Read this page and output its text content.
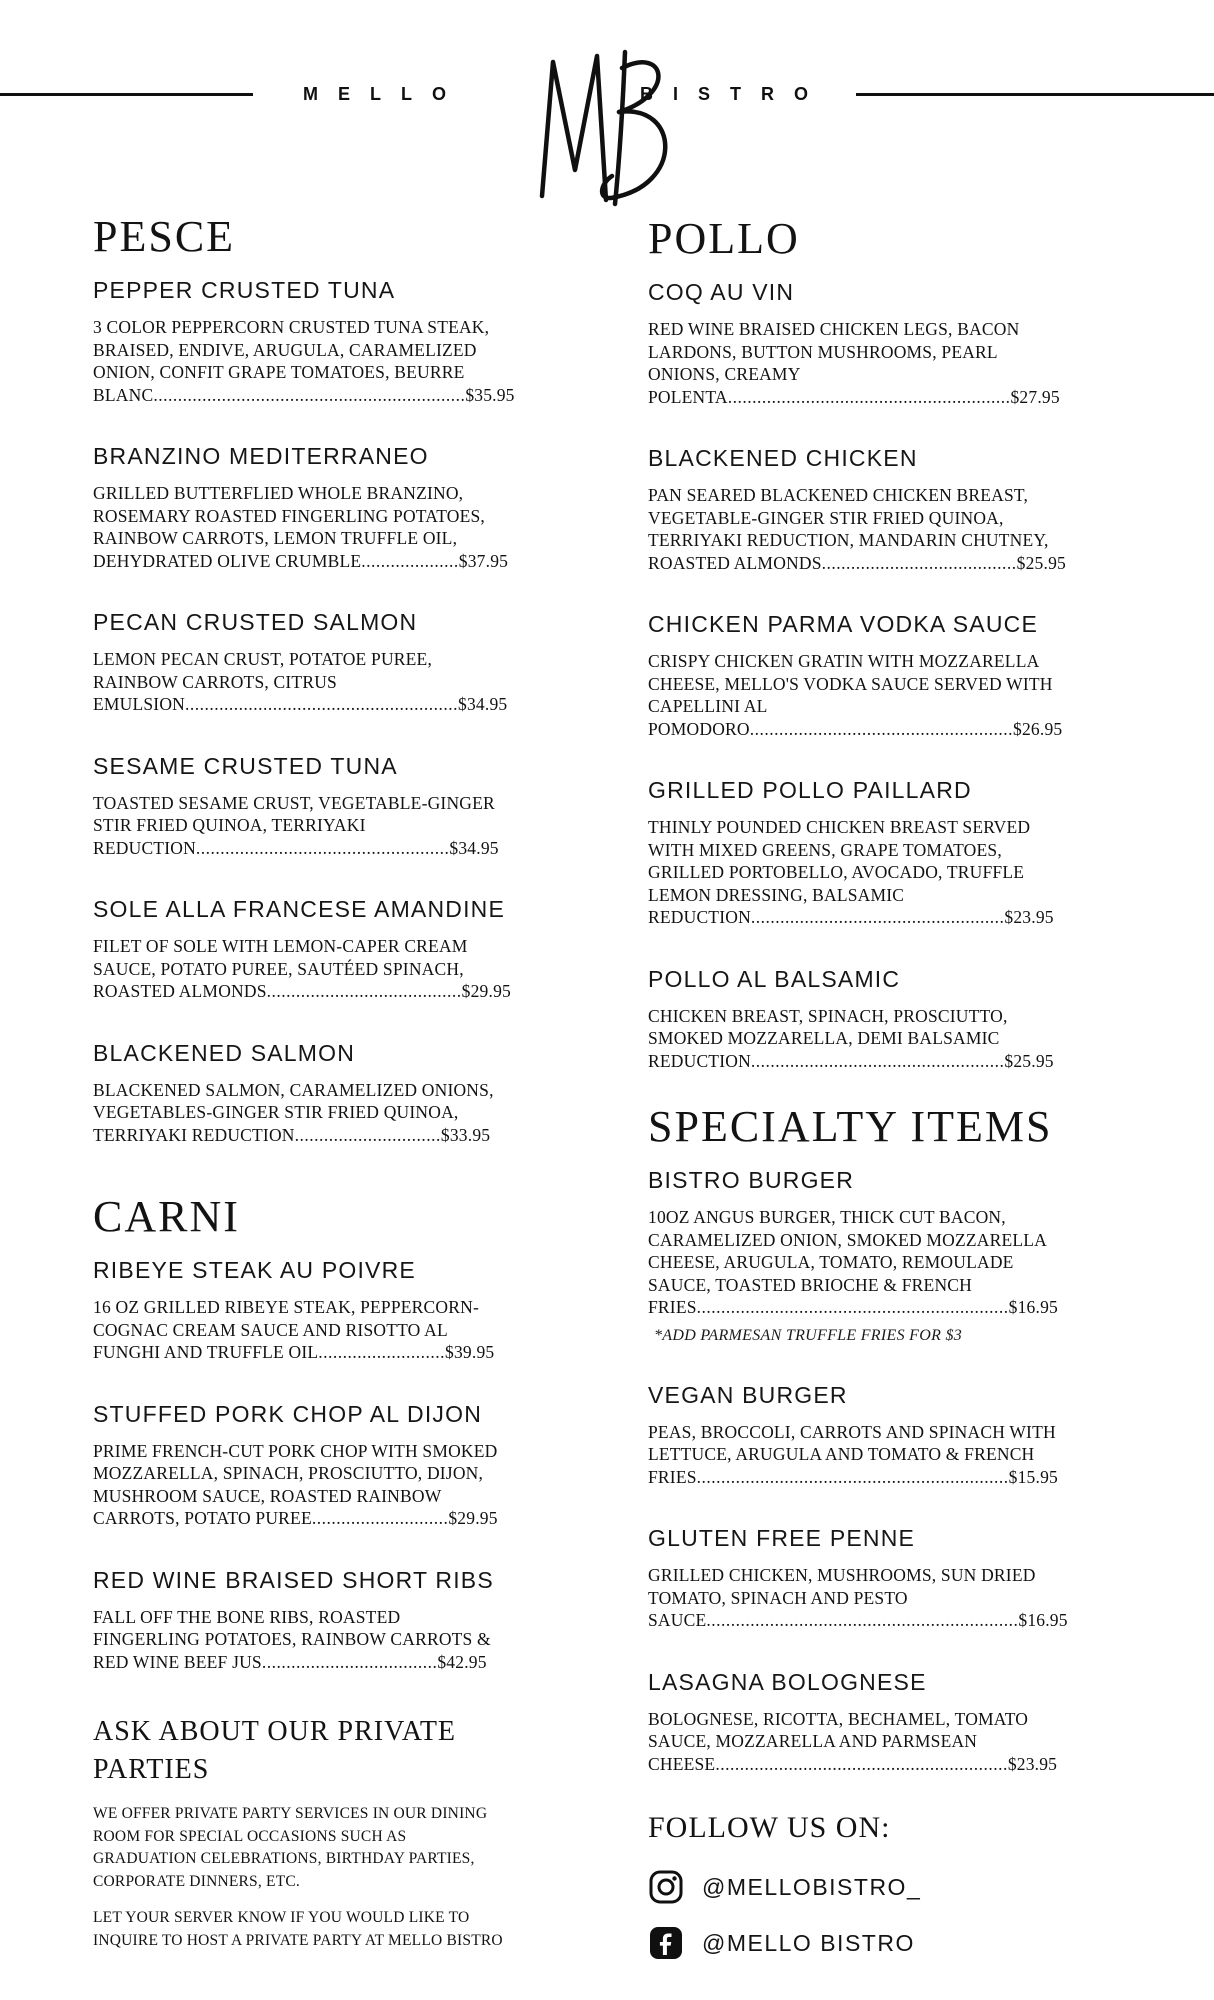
MELLO	BISTRO
PESCE
PEPPER CRUSTED TUNA

3 COLOR PEPPERCORN CRUSTED TUNA STEAK, BRAISED, ENDIVE, ARUGULA, CARAMELIZED ONION, CONFIT GRAPE TOMATOES, BEURRE BLANC................................................................$35.95

BRANZINO MEDITERRANEO

GRILLED BUTTERFLIED WHOLE BRANZINO, ROSEMARY ROASTED FINGERLING POTATOES, RAINBOW CARROTS, LEMON TRUFFLE OIL, DEHYDRATED OLIVE CRUMBLE....................$37.95

PECAN CRUSTED SALMON

LEMON PECAN CRUST, POTATOE PUREE, RAINBOW CARROTS, CITRUS EMULSION........................................................$34.95

SESAME CRUSTED TUNA

TOASTED SESAME CRUST, VEGETABLE-GINGER STIR FRIED QUINOA, TERRIYAKI REDUCTION....................................................$34.95

SOLE ALLA FRANCESE AMANDINE

FILET OF SOLE WITH LEMON-CAPER CREAM SAUCE, POTATO PUREE, SAUTÉED SPINACH, ROASTED ALMONDS........................................$29.95

BLACKENED SALMON

BLACKENED SALMON, CARAMELIZED ONIONS, VEGETABLES-GINGER STIR FRIED QUINOA, TERRIYAKI REDUCTION..............................$33.95

CARNI
RIBEYE STEAK AU POIVRE

16 OZ GRILLED RIBEYE STEAK, PEPPERCORN-COGNAC CREAM SAUCE AND RISOTTO AL FUNGHI AND TRUFFLE OIL..........................$39.95

STUFFED PORK CHOP AL DIJON

PRIME FRENCH-CUT PORK CHOP WITH SMOKED MOZZARELLA, SPINACH, PROSCIUTTO, DIJON, MUSHROOM SAUCE, ROASTED RAINBOW CARROTS, POTATO PUREE............................$29.95

RED WINE BRAISED SHORT RIBS

FALL OFF THE BONE RIBS, ROASTED FINGERLING POTATOES, RAINBOW CARROTS & RED WINE BEEF JUS....................................$42.95

ASK ABOUT OUR PRIVATE PARTIES

WE OFFER PRIVATE PARTY SERVICES IN OUR DINING ROOM FOR SPECIAL OCCASIONS SUCH AS GRADUATION CELEBRATIONS, BIRTHDAY PARTIES, CORPORATE DINNERS, ETC.

LET YOUR SERVER KNOW IF YOU WOULD LIKE TO INQUIRE TO HOST A PRIVATE PARTY AT MELLO BISTRO

POLLO
COQ AU VIN

RED WINE BRAISED CHICKEN LEGS, BACON LARDONS, BUTTON MUSHROOMS, PEARL ONIONS, CREAMY POLENTA..........................................................$27.95

BLACKENED CHICKEN

PAN SEARED BLACKENED CHICKEN BREAST, VEGETABLE-GINGER STIR FRIED QUINOA, TERRIYAKI REDUCTION, MANDARIN CHUTNEY, ROASTED ALMONDS........................................$25.95

CHICKEN PARMA VODKA SAUCE

CRISPY CHICKEN GRATIN WITH MOZZARELLA CHEESE, MELLO'S VODKA SAUCE SERVED WITH CAPELLINI AL POMODORO......................................................$26.95

GRILLED POLLO PAILLARD

THINLY POUNDED CHICKEN BREAST SERVED WITH MIXED GREENS, GRAPE TOMATOES, GRILLED PORTOBELLO, AVOCADO, TRUFFLE LEMON DRESSING, BALSAMIC REDUCTION....................................................$23.95

POLLO AL BALSAMIC

CHICKEN BREAST, SPINACH, PROSCIUTTO, SMOKED MOZZARELLA, DEMI BALSAMIC REDUCTION....................................................$25.95

SPECIALTY ITEMS
BISTRO BURGER

10OZ ANGUS BURGER, THICK CUT BACON, CARAMELIZED ONION, SMOKED MOZZARELLA CHEESE, ARUGULA, TOMATO, REMOULADE SAUCE, TOASTED BRIOCHE & FRENCH FRIES................................................................$16.95

*ADD PARMESAN TRUFFLE FRIES FOR $3

VEGAN BURGER

PEAS, BROCCOLI, CARROTS AND SPINACH WITH LETTUCE, ARUGULA AND TOMATO & FRENCH FRIES................................................................$15.95

GLUTEN FREE PENNE

GRILLED CHICKEN, MUSHROOMS, SUN DRIED TOMATO, SPINACH AND PESTO SAUCE................................................................$16.95

LASAGNA BOLOGNESE

BOLOGNESE, RICOTTA, BECHAMEL, TOMATO SAUCE, MOZZARELLA AND PARMSEAN CHEESE............................................................$23.95

FOLLOW US ON:
@MELLOBISTRO_
@MELLO BISTRO
